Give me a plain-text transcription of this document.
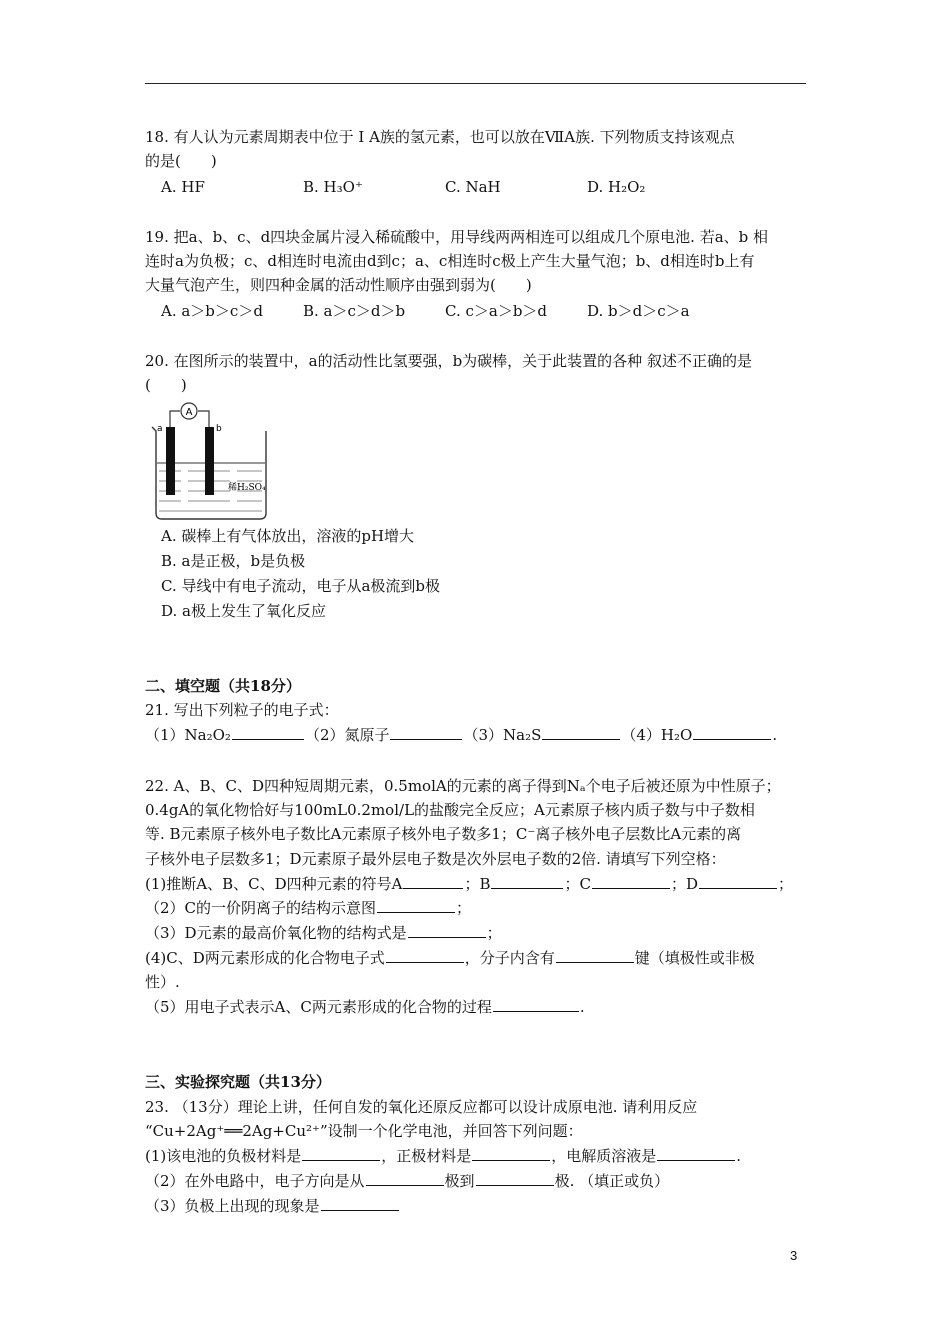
18. 有人认为元素周期表中位于 Ⅰ A族的氢元素，也可以放在ⅦA族. 下列物质支持该观点
的是(　　)
A. HF	B. H₃O⁺	C. NaH	D. H₂O₂
19. 把a、b、c、d四块金属片浸入稀硫酸中，用导线两两相连可以组成几个原电池. 若a、b 相
连时a为负极；c、d相连时电流由d到c；a、c相连时c极上产生大量气泡；b、d相连时b上有
大量气泡产生，则四种金属的活动性顺序由强到弱为(　　)
A. a＞b＞c＞d	B. a＞c＞d＞b	C. c＞a＞b＞d	D. b＞d＞c＞a
20. 在图所示的装置中，a的活动性比氢要强，b为碳棒，关于此装置的各种 叙述不正确的是
(　　)
A
a	b
稀H₂SO₄
A. 碳棒上有气体放出，溶液的pH增大
B. a是正极，b是负极
C. 导线中有电子流动，电子从a极流到b极
D. a极上发生了氧化反应
二、填空题（共18分）
21. 写出下列粒子的电子式：
（1）Na₂O₂	（2）氮原子	（3）Na₂S	（4）H₂O	.
22. A、B、C、D四种短周期元素，0.5molA的元素的离子得到Nₐ个电子后被还原为中性原子；
0.4gA的氧化物恰好与100mL0.2mol/L的盐酸完全反应；A元素原子核内质子数与中子数相
等. B元素原子核外电子数比A元素原子核外电子数多1；C⁻离子核外电子层数比A元素的离
子核外电子层数多1；D元素原子最外层电子数是次外层电子数的2倍. 请填写下列空格：
(1)推断A、B、C、D四种元素的符号A	；B	；C	；D	；
（2）C的一价阴离子的结构示意图	；
（3）D元素的最高价氧化物的结构式是	；
(4)C、D两元素形成的化合物电子式	，分子内含有	键（填极性或非极
性）.
（5）用电子式表示A、C两元素形成的化合物的过程	.
三、实验探究题（共13分）
23. （13分）理论上讲，任何自发的氧化还原反应都可以设计成原电池. 请利用反应
“Cu+2Ag⁺══2Ag+Cu²⁺”设制一个化学电池，并回答下列问题：
(1)该电池的负极材料是	，正极材料是	，电解质溶液是	.
（2）在外电路中，电子方向是从	极到	极. （填正或负）
（3）负极上出现的现象是
3
